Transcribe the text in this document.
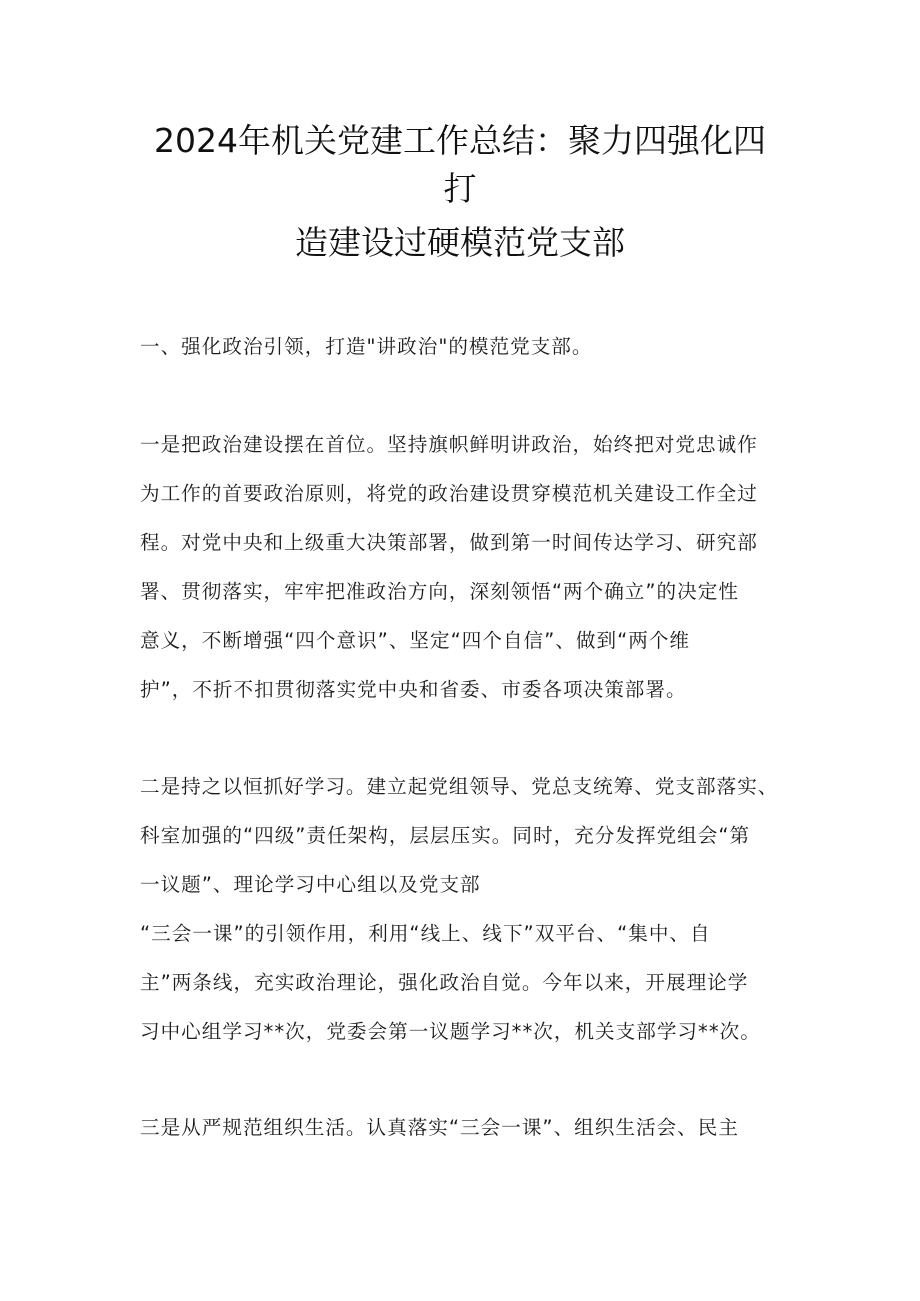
2024年机关党建工作总结：聚力四强化四
打
造建设过硬模范党支部
一、强化政治引领，打造"讲政治"的模范党支部。
一是把政治建设摆在首位。坚持旗帜鲜明讲政治，始终把对党忠诚作
为工作的首要政治原则，将党的政治建设贯穿模范机关建设工作全过
程。对党中央和上级重大决策部署，做到第一时间传达学习、研究部
署、贯彻落实，牢牢把准政治方向，深刻领悟“两个确立”的决定性
意义，不断增强“四个意识”、坚定“四个自信”、做到“两个维
护”，不折不扣贯彻落实党中央和省委、市委各项决策部署。
二是持之以恒抓好学习。建立起党组领导、党总支统筹、党支部落实、
科室加强的“四级”责任架构，层层压实。同时，充分发挥党组会“第
一议题”、理论学习中心组以及党支部
“三会一课”的引领作用，利用“线上、线下”双平台、“集中、自
主”两条线，充实政治理论，强化政治自觉。今年以来，开展理论学
习中心组学习**次，党委会第一议题学习**次，机关支部学习**次。
三是从严规范组织生活。认真落实“三会一课”、组织生活会、民主
